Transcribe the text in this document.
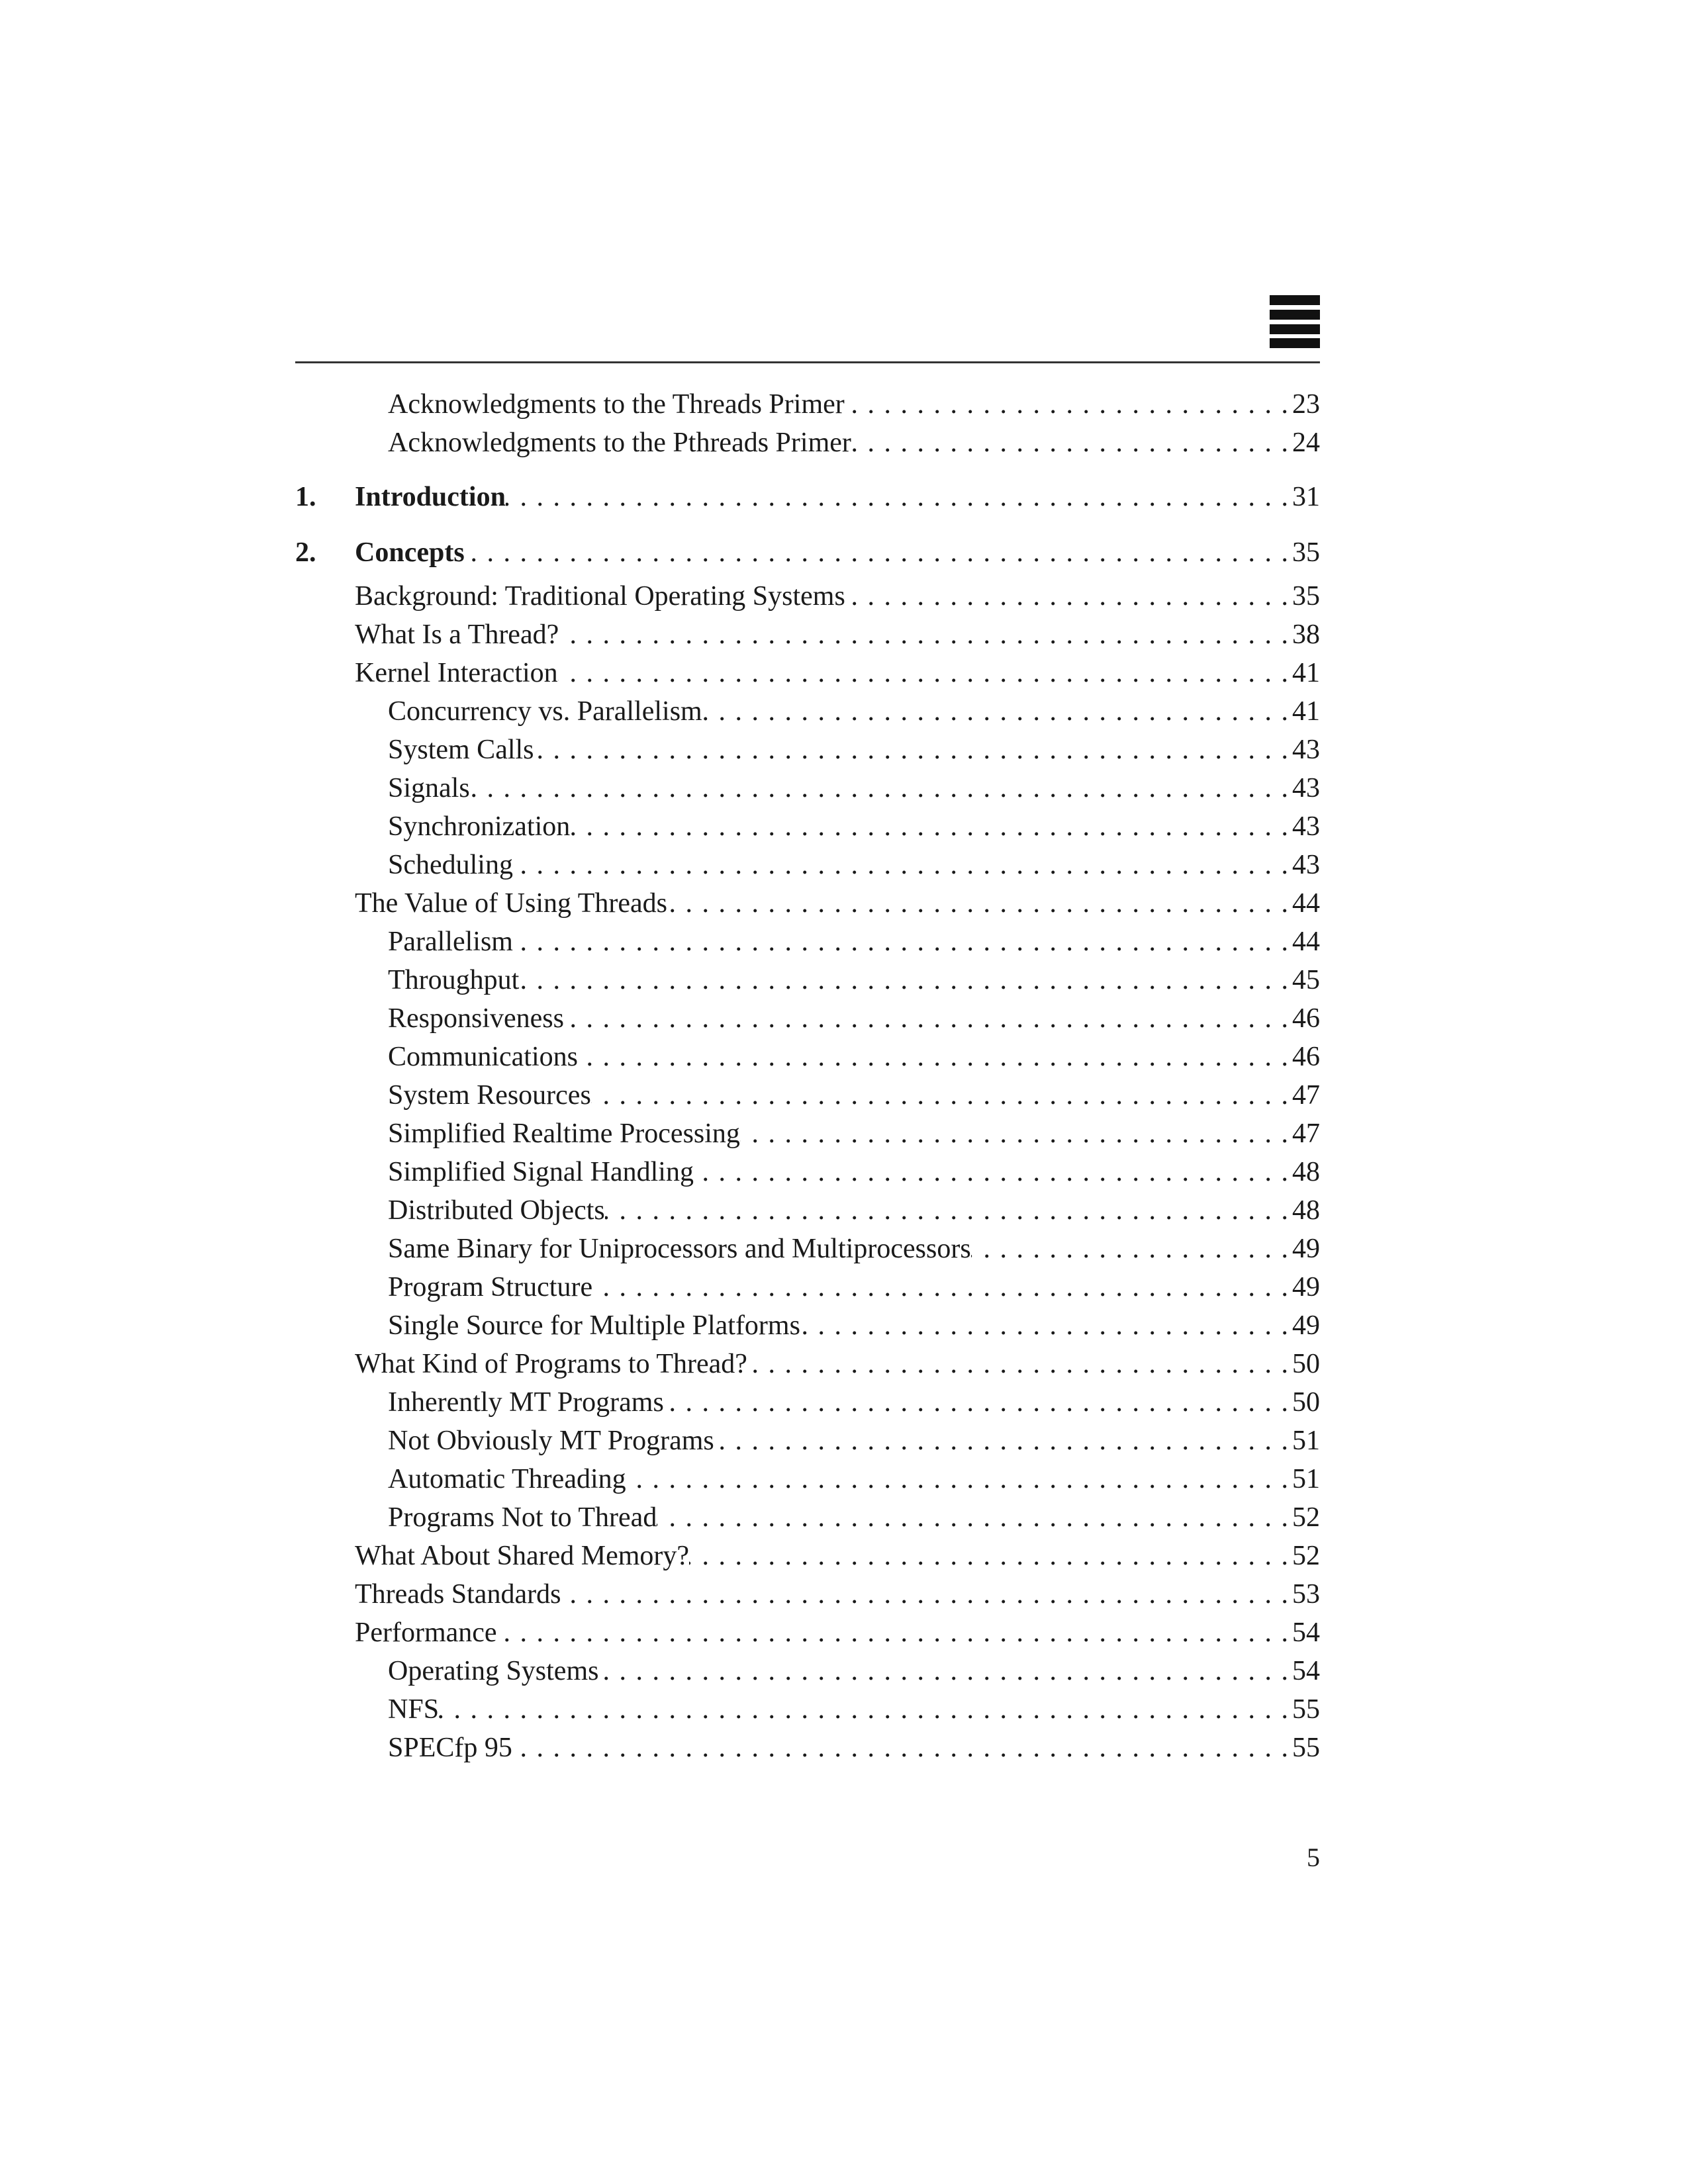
Acknowledgments to the Threads Primer . . .	23
Acknowledgments to the Pthreads Primer . . .	24
1. Introduction . . .	31
2. Concepts . . .	35
Background: Traditional Operating Systems . . .	35
What Is a Thread? . . .	38
Kernel Interaction . . .	41
Concurrency vs. Parallelism . . .	41
System Calls . . .	43
Signals . . .	43
Synchronization . . .	43
Scheduling . . .	43
The Value of Using Threads . . .	44
Parallelism . . .	44
Throughput . . .	45
Responsiveness . . .	46
Communications . . .	46
System Resources . . .	47
Simplified Realtime Processing . . .	47
Simplified Signal Handling . . .	48
Distributed Objects . . .	48
Same Binary for Uniprocessors and Multiprocessors . . .	49
Program Structure . . .	49
Single Source for Multiple Platforms . . .	49
What Kind of Programs to Thread? . . .	50
Inherently MT Programs . . .	50
Not Obviously MT Programs . . .	51
Automatic Threading . . .	51
Programs Not to Thread . . .	52
What About Shared Memory? . . .	52
Threads Standards . . .	53
Performance . . .	54
Operating Systems . . .	54
NFS . . .	55
SPECfp 95 . . .	55
5
